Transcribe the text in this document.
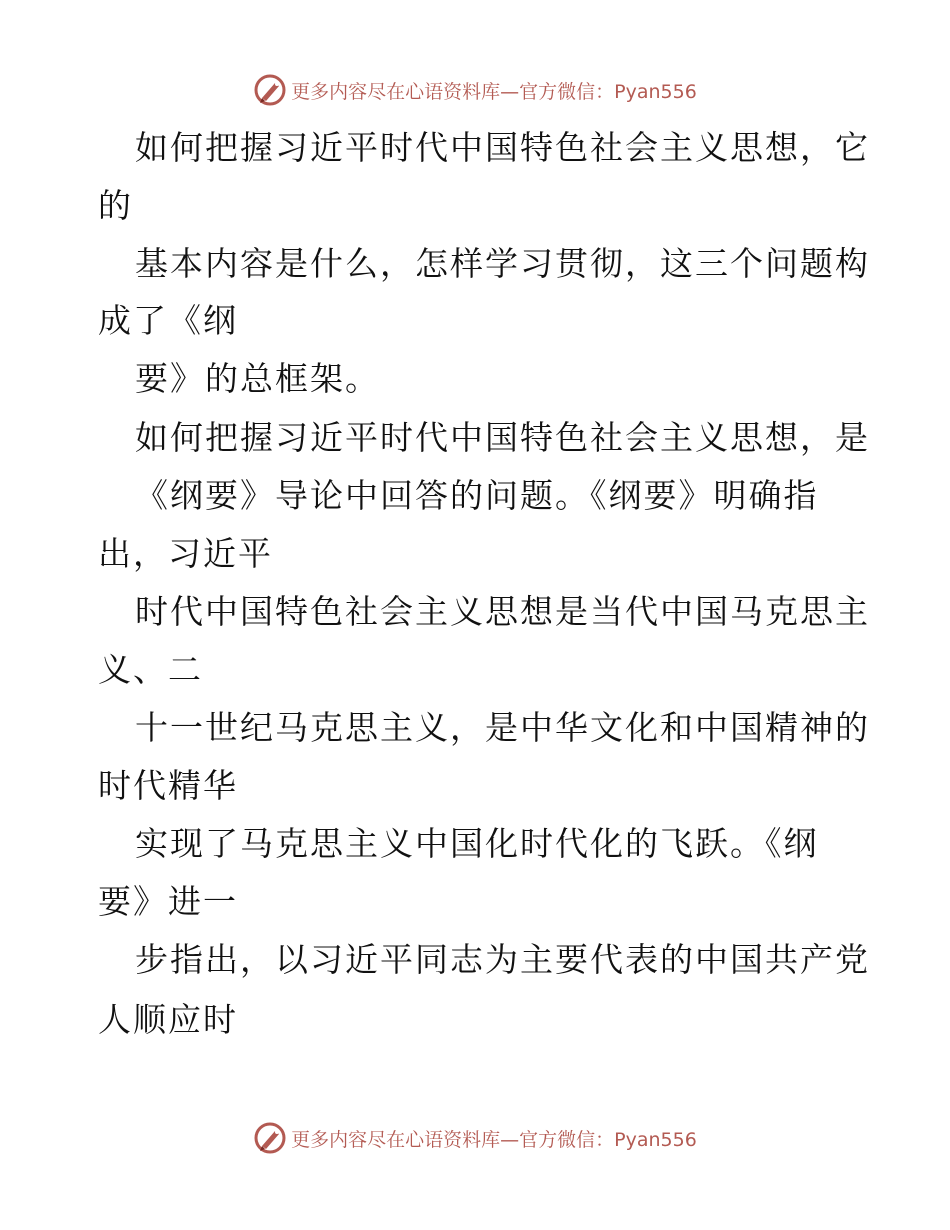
更多内容尽在心语资料库—官方微信：Pyan556
如何把握习近平时代中国特色社会主义思想，它
的
基本内容是什么，怎样学习贯彻，这三个问题构
成了《纲
要》的总框架。
如何把握习近平时代中国特色社会主义思想，是
《纲要》导论中回答的问题。《纲要》明确指
出，习近平
时代中国特色社会主义思想是当代中国马克思主
义、二
十一世纪马克思主义，是中华文化和中国精神的
时代精华
实现了马克思主义中国化时代化的飞跃。《纲
要》进一
步指出，以习近平同志为主要代表的中国共产党
人顺应时
更多内容尽在心语资料库—官方微信：Pyan556
